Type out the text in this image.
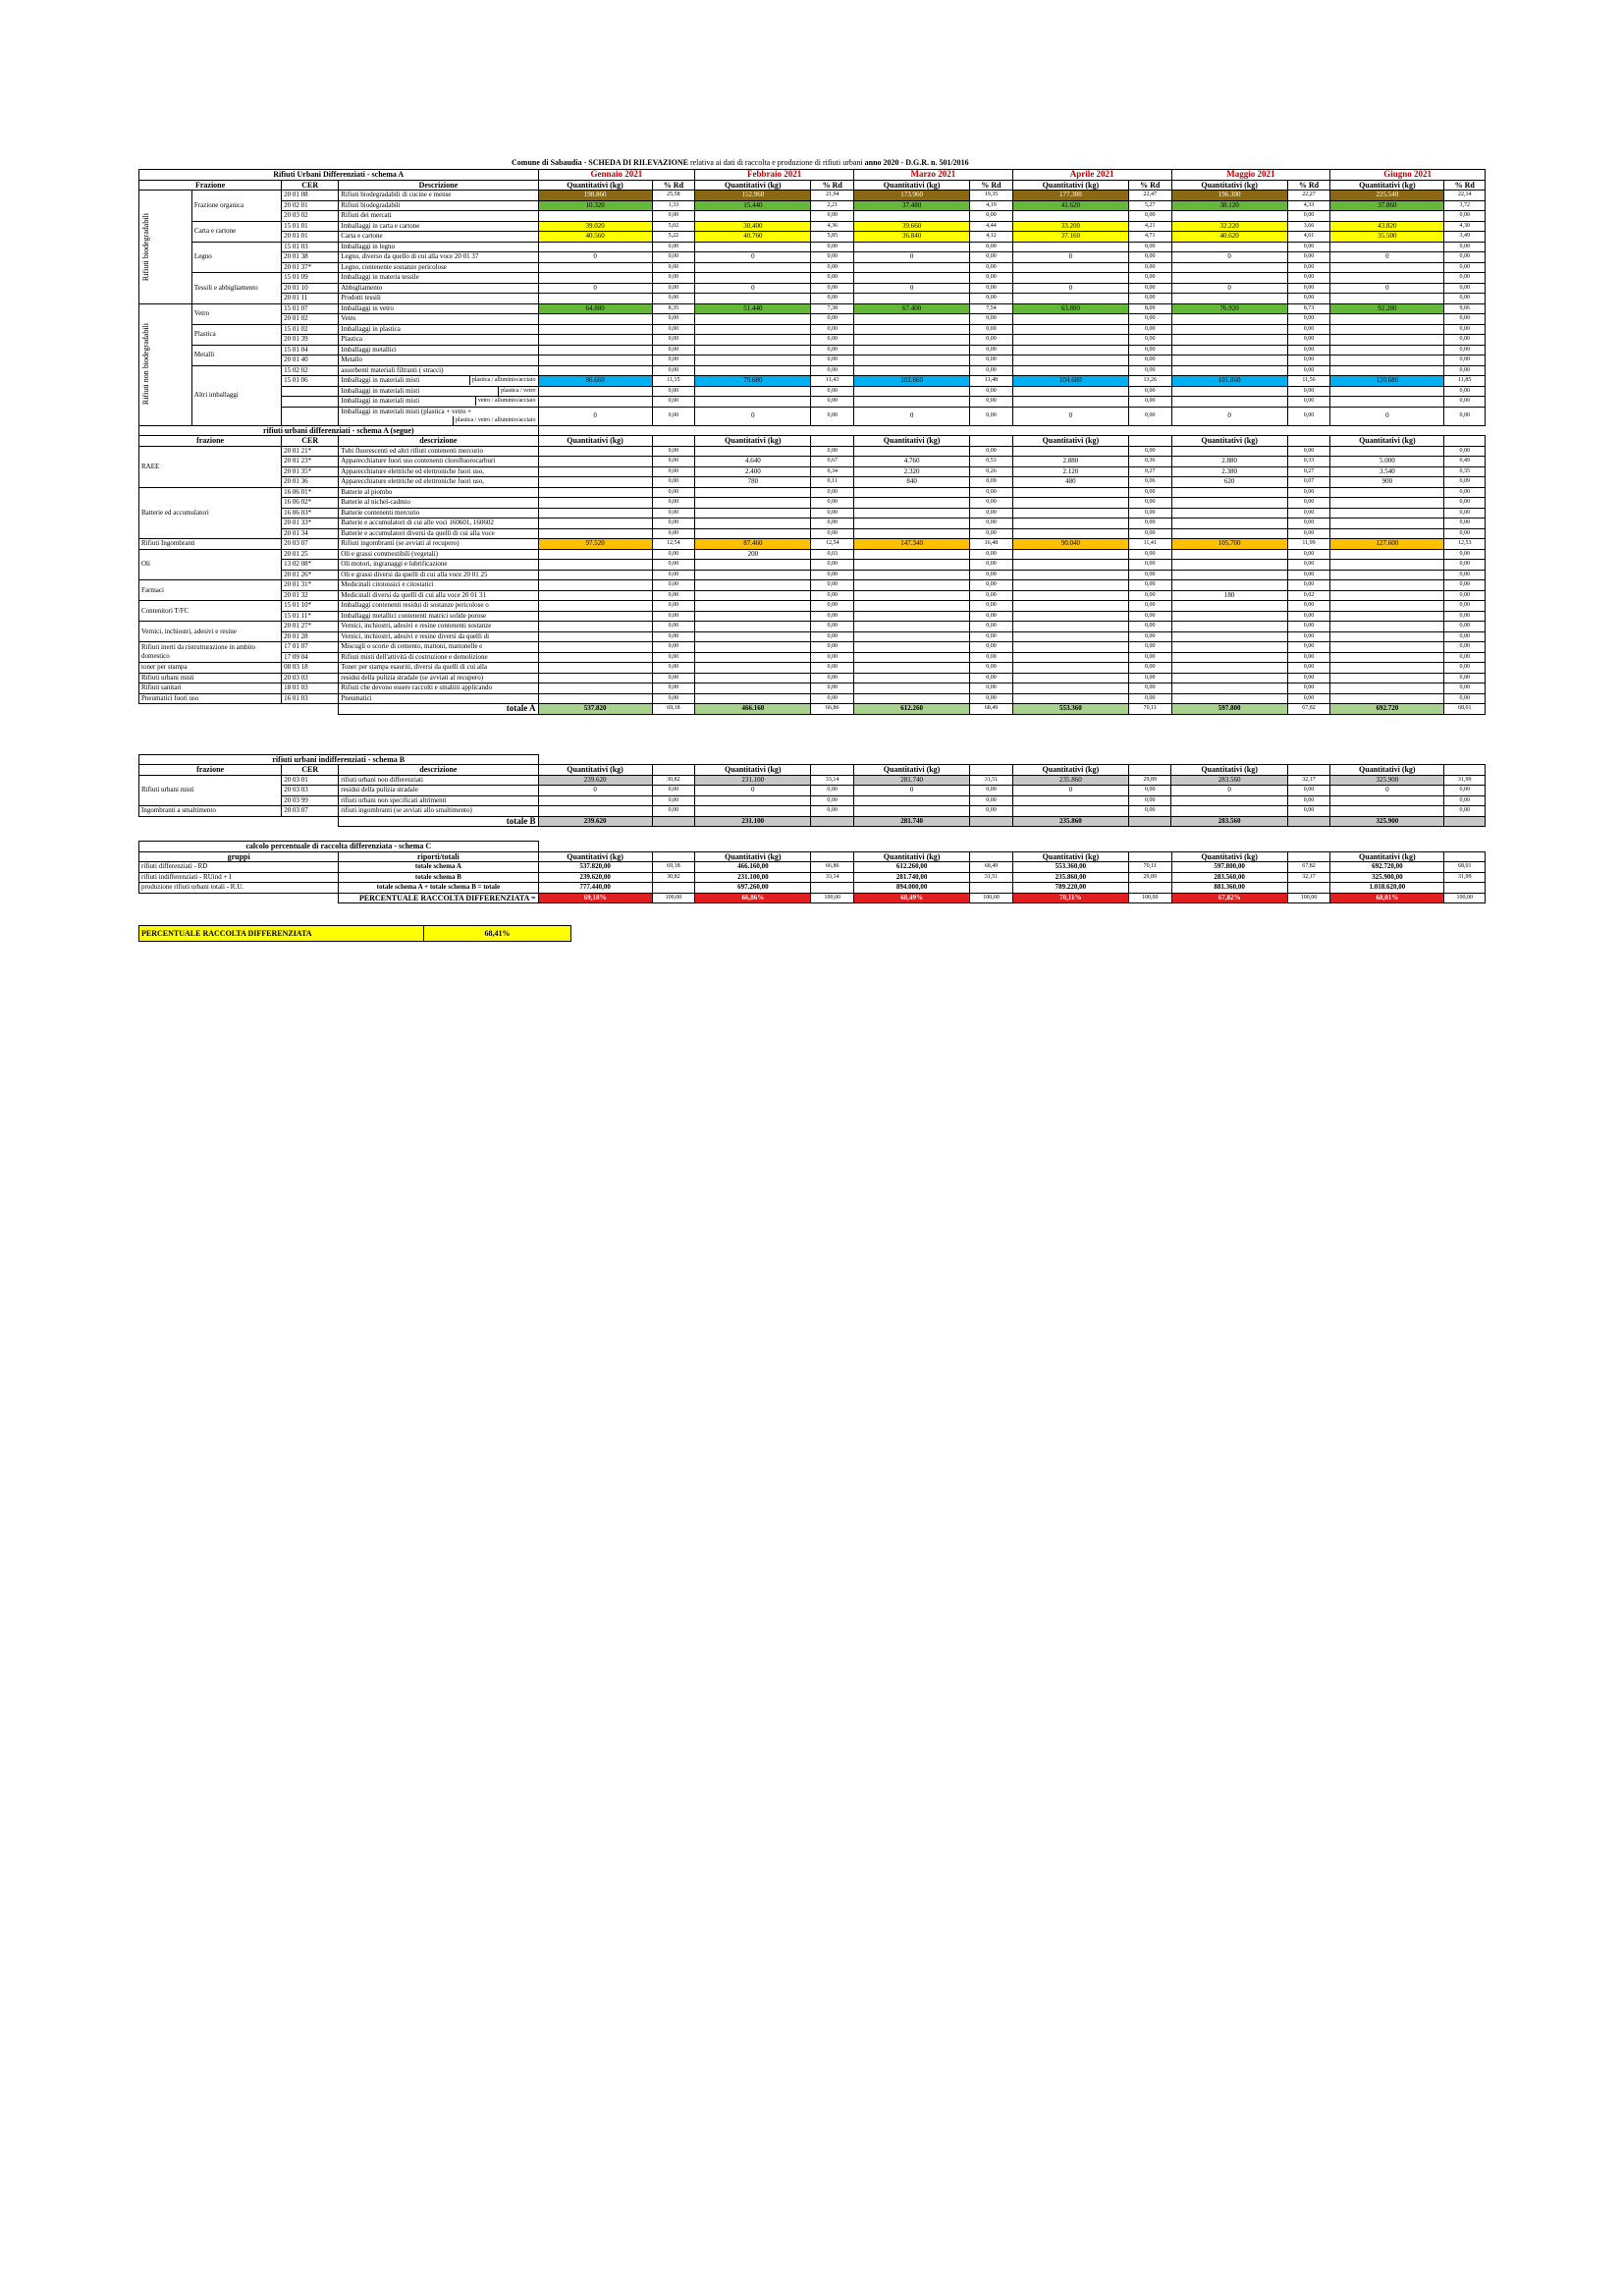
Comune di Sabaudia - SCHEDA DI RILEVAZIONE relativa ai dati di raccolta e produzione di rifiuti urbani anno 2020 - D.G.R. n. 501/2016
Rifiuti Urbani Differenziati - schema A				Gennaio 2021		Febbraio 2021		Marzo 2021		Aprile 2021		Maggio 2021		Giugno 2021	
Frazione		CER	Descrizione	Quantitativi (kg)	% Rd	Quantitativi (kg)	% Rd	Quantitativi (kg)	% Rd	Quantitativi (kg)	% Rd	Quantitativi (kg)	% Rd	Quantitativi (kg)	% Rd

Rifiuti biodegradabili	Frazione organica	20 01 08	Rifiuti biodegradabili di cucine e mense	198.860	25,58	152.960	21,94	173.960	19,35	177.300	22,47	196.300	22,27	225.540	22,14
		20 02 01	Rifiuti biodegradabili	10.320	1,33	15.440	2,21	37.480	4,19	41.620	5,27	38.120	4,33	37.860	3,72
		20 03 02	Rifiuti dei mercati		0,00		0,00		0,00		0,00		0,00		0,00
	Carta e cartone	15 01 01	Imballaggi in carta e cartone	39.020	5,02	30.400	4,36	39.660	4,44	33.200	4,21	32.220	3,66	43.820	4,30
		20 01 01	Carta e cartone	40.560	5,22	40.760	5,85	36.840	4,12	37.160	4,71	40.620	4,61	35.500	3,49
	Legno	15 01 03	Imballaggi in legno		0,00		0,00		0,00		0,00		0,00		0,00
		20 01 38	Legno, diverso da quello di cui alla voce 20 01 37	0	0,00	0	0,00	0	0,00	0	0,00	0	0,00	0	0,00
		20 01 37*	Legno, contenente sostanze pericolose		0,00		0,00		0,00		0,00		0,00		0,00
	Tessili e abbigliamento	15 01 09	Imballaggi in materia tessile		0,00		0,00		0,00		0,00		0,00		0,00
		20 01 10	Abbigliamento	0	0,00	0	0,00	0	0,00	0	0,00	0	0,00	0	0,00
		20 01 11	Prodotti tessili		0,00		0,00		0,00		0,00		0,00		0,00

Rifiuti non biodegradabili	Vetro	15 01 07	Imballaggi in vetro	64.880	8,35	51.440	7,38	67.400	7,54	63.880	8,09	76.920	8,73	92.280	9,06
		20 01 02	Vetro		0,00		0,00		0,00		0,00		0,00		0,00
	Plastica	15 01 02	Imballaggi in plastica		0,00		0,00		0,00		0,00		0,00		0,00
		20 01 39	Plastica		0,00		0,00		0,00		0,00		0,00		0,00
	Metalli	15 01 04	Imballaggi metallici		0,00		0,00		0,00		0,00		0,00		0,00
		20 01 40	Metallo		0,00		0,00		0,00		0,00		0,00		0,00
	Altri imballaggi	15 02 02	assorbenti materiali filtranti ( stracci)		0,00		0,00		0,00		0,00		0,00		0,00
		15 01 06	Imballaggi in materiali misti plastica / alluminio/acciaio	86.660	11,15	79.680	11,43	102.660	11,48	104.680	13,26	101.860	11,56	120.680	11,85
			Imballaggi in materiali misti plastica / vetro		0,00		0,00		0,00		0,00		0,00		0,00
			Imballaggi in materiali misti vetro / alluminio/acciaio		0,00		0,00		0,00		0,00		0,00		0,00
			Imballaggi in materiali misti (plastica + vetro +
plastica / vetro / alluminio/acciaio	0	0,00	0	0,00	0	0,00	0	0,00	0	0,00	0	0,00
rifiuti urbani differenziati - schema A (segue)															
frazione		CER	descrizione	Quantitativi (kg)		Quantitativi (kg)		Quantitativi (kg)		Quantitativi (kg)		Quantitativi (kg)		Quantitativi (kg)	
RAEE		20 01 21*	Tubi fluorescenti ed altri rifiuti contenenti mercurio		0,00		0,00		0,00		0,00		0,00		0,00
		20 01 23*	Apparecchiature fuori uso contenenti clorofluorocarburi		0,00	4.640	0,67	4.760	0,53	2.880	0,36	2.880	0,33	5.000	0,49
		20 01 35*	Apparecchiature elettriche ed elettroniche fuori uso,		0,00	2.400	0,34	2.320	0,26	2.120	0,27	2.380	0,27	3.540	0,35
		20 01 36	Apparecchiature elettriche ed elettroniche fuori uso,		0,00	780	0,11	840	0,09	480	0,06	620	0,07	900	0,09
Batterie ed accumulatori		16 06 01*	Batterie al piombo		0,00		0,00		0,00		0,00		0,00		0,00
		16 06 02*	Batterie al nichel-cadmio		0,00		0,00		0,00		0,00		0,00		0,00
		16 06 03*	Batterie contenenti mercurio		0,00		0,00		0,00		0,00		0,00		0,00
		20 01 33*	Batterie e accumulatori di cui alle voci 160601, 160602		0,00		0,00		0,00		0,00		0,00		0,00
		20 01 34	Batterie e accumulatori diversi da quelli di cui alla voce		0,00		0,00		0,00		0,00		0,00		0,00
Rifiuti Ingombranti		20 03 07	Rifiuti ingombranti (se avviati al recupero)	97.520	12,54	87.460	12,54	147.340	16,48	90.040	11,41	105.700	11,99	127.600	12,53
Oli		20 01 25	Oli e grassi commestibili (vegetali)		0,00	200	0,03		0,00		0,00		0,00		0,00
		13 02 08*	Oli motori, ingranaggi e lubrificazione		0,00		0,00		0,00		0,00		0,00		0,00
		20 01 26*	Oli e grassi diversi da quelli di cui alla voce 20 01 25		0,00		0,00		0,00		0,00		0,00		0,00
Farmaci		20 01 31*	Medicinali citotossici e citostatici		0,00		0,00		0,00		0,00		0,00		0,00
		20 01 32	Medicinali diversi da quelli di cui alla voce 20 01 31		0,00		0,00		0,00		0,00	180	0,02		0,00
Contenitori T/FC		15 01 10*	Imballaggi contenenti residui di sostanze pericolose o		0,00		0,00		0,00		0,00		0,00		0,00
		15 01 11*	Imballaggi metallici contenenti matrici solide porose		0,00		0,00		0,00		0,00		0,00		0,00
Vernici, inchiostri, adesivi e resine		20 01 27*	Vernici, inchiostri, adesivi e resine contenenti sostanze		0,00		0,00		0,00		0,00		0,00		0,00
		20 01 28	Vernici, inchiostri, adesivi e resine diversi da quelli di		0,00		0,00		0,00		0,00		0,00		0,00
Rifiuti inerti da ristrutturazione in ambito domestico		17 01 07	Miscugli o scorie di cemento, mattoni, mattonelle e		0,00		0,00		0,00		0,00		0,00		0,00
		17 09 04	Rifiuti misti dell'attività di costruzione e demolizione		0,00		0,00		0,00		0,00		0,00		0,00
toner per stampa		08 03 18	Toner per stampa esauriti, diversi da quelli di cui alla		0,00		0,00		0,00		0,00		0,00		0,00
Rifiuti urbani misti		20 03 03	residui della pulizia stradale (se avviati al recupero)		0,00		0,00		0,00		0,00		0,00		0,00
Rifiuti sanitari		18 01 03	Rifiuti che devono essere raccolti e smaltiti applicando		0,00		0,00		0,00		0,00		0,00		0,00
Pneumatici fuori uso		16 01 03	Pneumatici		0,00		0,00		0,00		0,00		0,00		0,00
			totale A	537.820	69,18	466.160	66,86	612.260	68,49	553.360	70,11	597.800	67,82	692.720	68,01
rifiuti urbani indifferenziati - schema B														
frazione	CER	descrizione	Quantitativi (kg)		Quantitativi (kg)		Quantitativi (kg)		Quantitativi (kg)		Quantitativi (kg)		Quantitativi (kg)	
Rifiuti urbani misti	20 03 01	rifiuti urbani non differenziati	239.620	30,82	231.100	33,14	281.740	31,51	235.860	29,89	283.560	32,17	325.900	31,99
	20 03 03	residui della pulizia stradale	0	0,00	0	0,00	0	0,00	0	0,00	0	0,00	0	0,00
	20 03 99	rifiuti urbani non specificati altrimenti		0,00		0,00		0,00		0,00		0,00		0,00
Ingombranti a smaltimento	20 03 07	rifiuti ingombranti (se avviati allo smaltimento)		0,00		0,00		0,00		0,00		0,00		0,00
		totale B	239.620		231.100		281.740		235.860		283.560		325.900	
calcolo percentuale di raccolta differenziata - schema C													
gruppi	riporti/totali	Quantitativi (kg)		Quantitativi (kg)		Quantitativi (kg)		Quantitativi (kg)		Quantitativi (kg)		Quantitativi (kg)	
rifiuti differenziati - RD	totale schema A	537.820,00	69,18	466.160,00	66,86	612.260,00	68,49	553.360,00	70,11	597.800,00	67,82	692.720,00	68,01
rifiuti indifferenziati - RUind + I	totale schema B	239.620,00	30,82	231.100,00	33,14	281.740,00	31,51	235.860,00	29,89	283.560,00	32,17	325.900,00	31,99
produzione rifiuti urbani totali - R.U.	totale schema A + totale schema B = totale	777.440,00		697.260,00		894.000,00		789.220,00		881.360,00		1.018.620,00	
	PERCENTUALE RACCOLTA DIFFERENZIATA =	69,18%	100,00	66,86%	100,00	68,49%	100,00	70,11%	100,00	67,82%	100,00	68,01%	100,00
PERCENTUALE RACCOLTA DIFFERENZIATA	68,41%
